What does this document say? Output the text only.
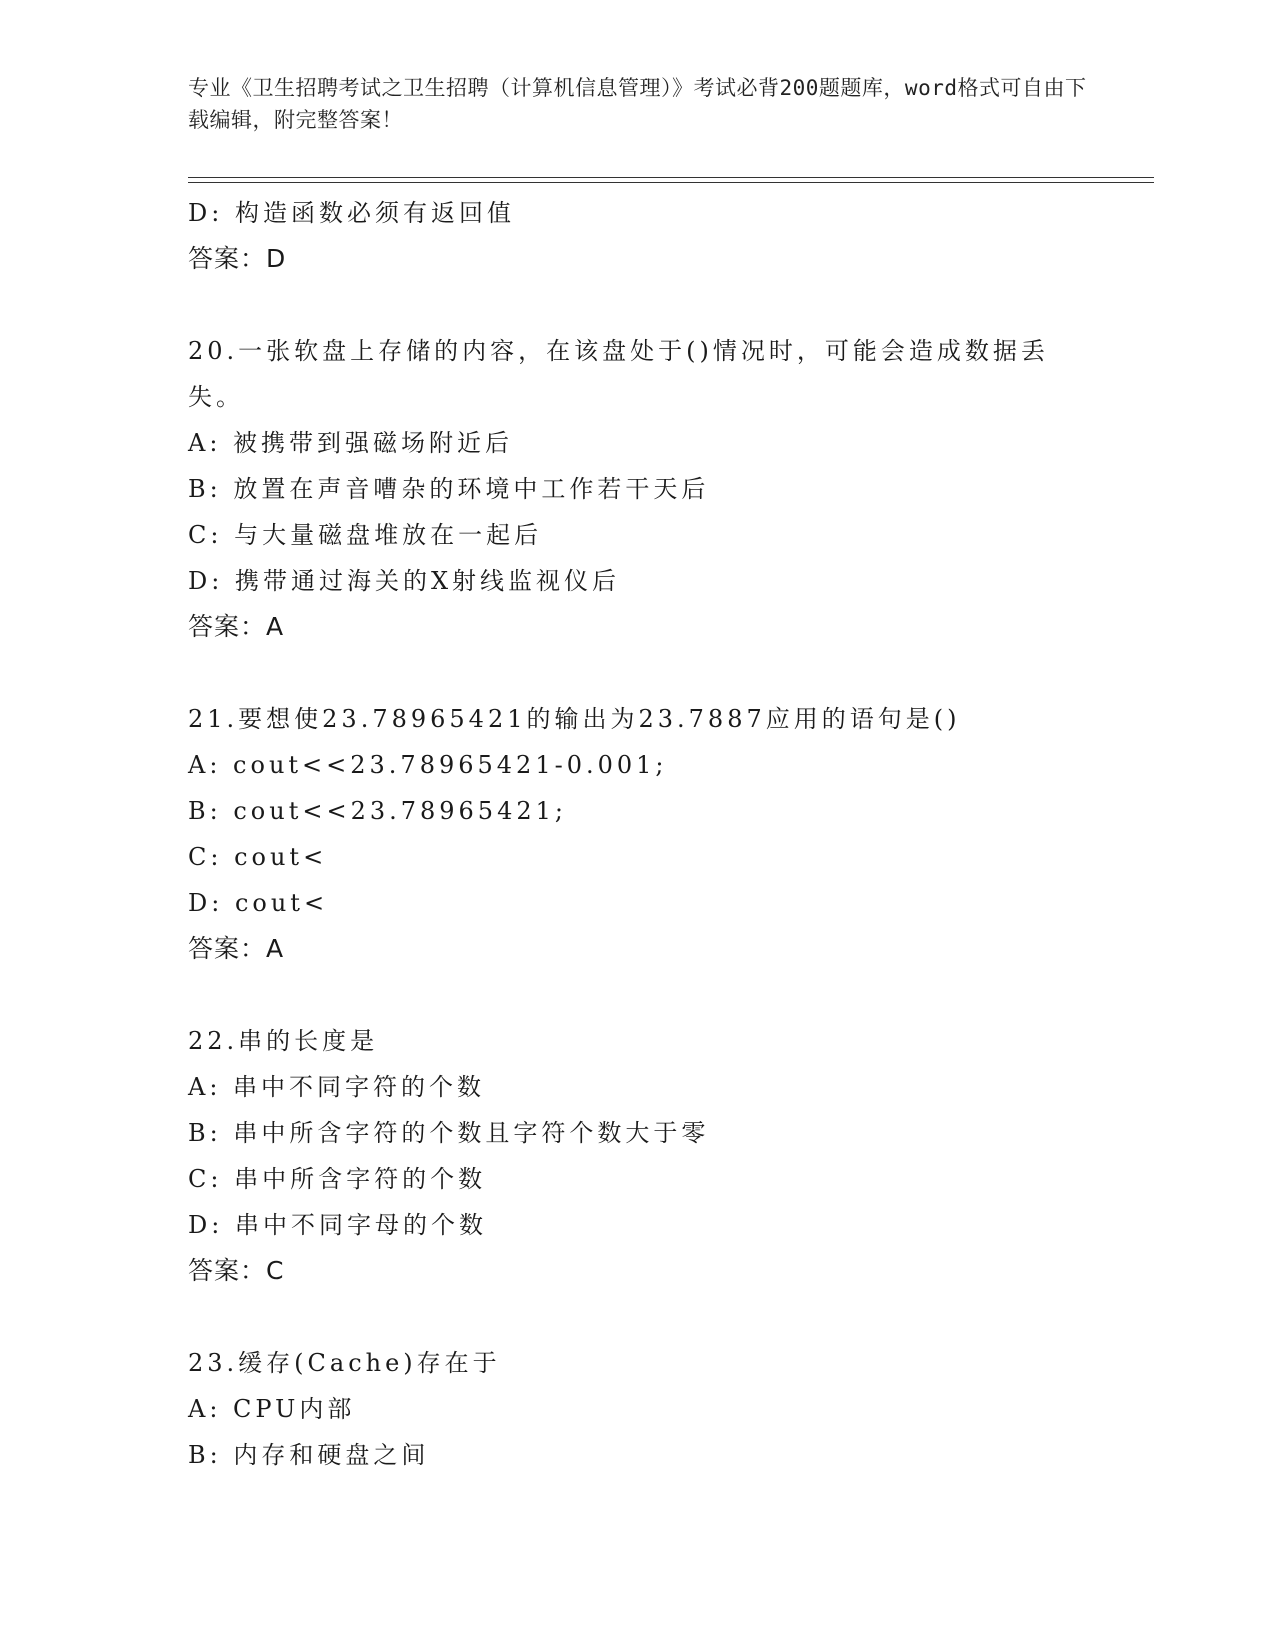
专业《卫生招聘考试之卫生招聘（计算机信息管理）》考试必背200题题库，word格式可自由下载编辑，附完整答案！

D: 构造函数必须有返回值

答案：D

20.一张软盘上存储的内容，在该盘处于()情况时，可能会造成数据丢失。

A: 被携带到强磁场附近后

B: 放置在声音嘈杂的环境中工作若干天后

C: 与大量磁盘堆放在一起后

D: 携带通过海关的X射线监视仪后

答案：A

21.要想使23.78965421的输出为23.7887应用的语句是()

A: cout<<23.78965421-0.001;

B: cout<<23.78965421;

C: cout<

D: cout<

答案：A

22.串的长度是

A: 串中不同字符的个数

B: 串中所含字符的个数且字符个数大于零

C: 串中所含字符的个数

D: 串中不同字母的个数

答案：C

23.缓存(Cache)存在于

A: CPU内部

B: 内存和硬盘之间
